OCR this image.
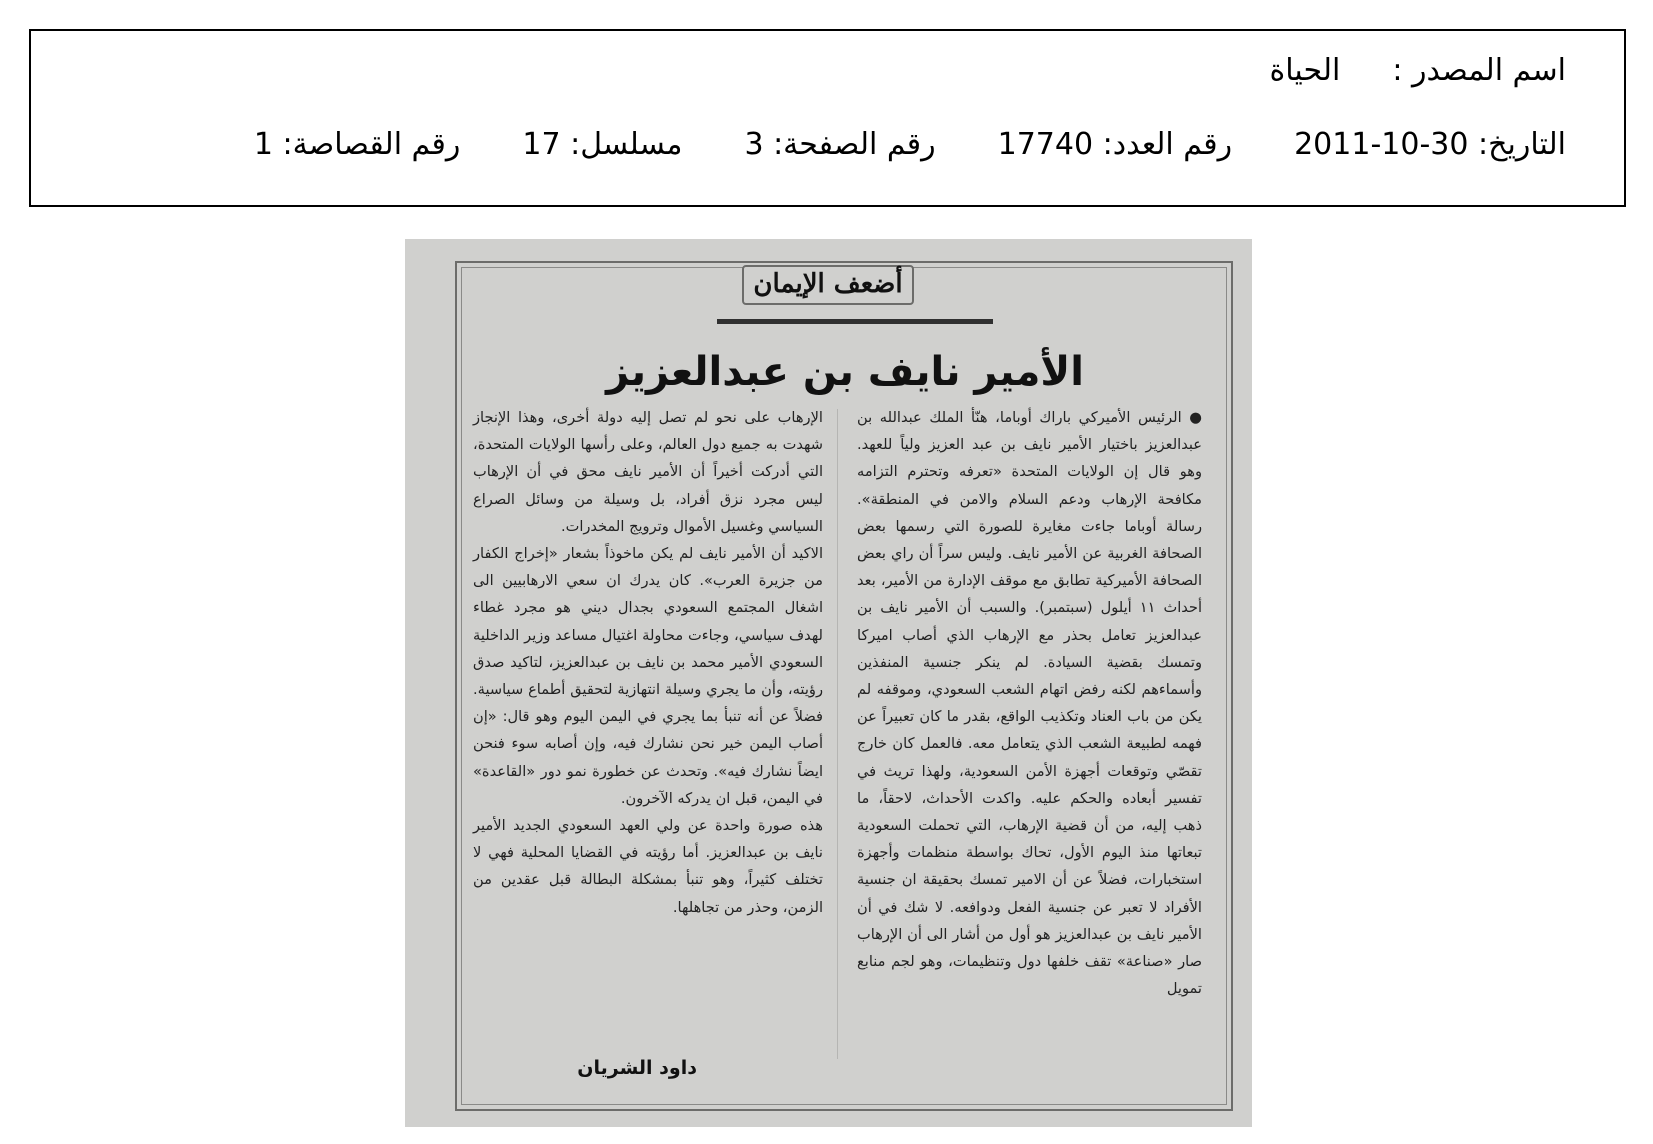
اسم المصدر :الحياة
التاريخ: 30-10-2011رقم العدد: 17740رقم الصفحة: 3مسلسل: 17رقم القصاصة: 1
أضعف الإيمان
الأمير نايف بن عبدالعزيز

● الرئيس الأميركي باراك أوباما، هنّأ الملك عبدالله بن عبدالعزيز باختيار الأمير نايف بن عبد العزيز ولياً للعهد. وهو قال إن الولايات المتحدة «تعرفه وتحترم التزامه مكافحة الإرهاب ودعم السلام والامن في المنطقة». رسالة أوباما جاءت مغايرة للصورة التي رسمها بعض الصحافة الغربية عن الأمير نايف. وليس سراً أن راي بعض الصحافة الأميركية تطابق مع موقف الإدارة من الأمير، بعد أحداث ١١ أيلول (سبتمبر). والسبب أن الأمير نايف بن عبدالعزيز تعامل بحذر مع الإرهاب الذي أصاب اميركا وتمسك بقضية السيادة. لم ينكر جنسية المنفذين وأسماءهم لكنه رفض اتهام الشعب السعودي، وموقفه لم يكن من باب العناد وتكذيب الواقع، بقدر ما كان تعبيراً عن فهمه لطبيعة الشعب الذي يتعامل معه. فالعمل كان خارج تقصّي وتوقعات أجهزة الأمن السعودية، ولهذا تريث في تفسير أبعاده والحكم عليه. واكدت الأحداث، لاحقاً، ما ذهب إليه، من أن قضية الإرهاب، التي تحملت السعودية تبعاتها منذ اليوم الأول، تحاك بواسطة منظمات وأجهزة استخبارات، فضلاً عن أن الامير تمسك بحقيقة ان جنسية الأفراد لا تعبر عن جنسية الفعل ودوافعه. لا شك في أن الأمير نايف بن عبدالعزيز هو أول من أشار الى أن الإرهاب صار «صناعة» تقف خلفها دول وتنظيمات، وهو لجم منابع تمويل

الإرهاب على نحو لم تصل إليه دولة أخرى، وهذا الإنجاز شهدت به جميع دول العالم، وعلى رأسها الولايات المتحدة، التي أدركت أخيراً أن الأمير نايف محق في أن الإرهاب ليس مجرد نزق أفراد، بل وسيلة من وسائل الصراع السياسي وغسيل الأموال وترويج المخدرات.

الاكيد أن الأمير نايف لم يكن ماخوذاً بشعار «إخراج الكفار من جزيرة العرب». كان يدرك ان سعي الارهابيين الى اشغال المجتمع السعودي بجدال ديني هو مجرد غطاء لهدف سياسي، وجاءت محاولة اغتيال مساعد وزير الداخلية السعودي الأمير محمد بن نايف بن عبدالعزيز، لتاكيد صدق رؤيته، وأن ما يجري وسيلة انتهازية لتحقيق أطماع سياسية. فضلاً عن أنه تنبأ بما يجري في اليمن اليوم وهو قال: «إن أصاب اليمن خير نحن نشارك فيه، وإن أصابه سوء فنحن ايضاً نشارك فيه». وتحدث عن خطورة نمو دور «القاعدة» في اليمن، قبل ان يدركه الآخرون.

هذه صورة واحدة عن ولي العهد السعودي الجديد الأمير نايف بن عبدالعزيز. أما رؤيته في القضايا المحلية فهي لا تختلف كثيراً، وهو تنبأ بمشكلة البطالة قبل عقدين من الزمن، وحذر من تجاهلها.

داود الشريان
